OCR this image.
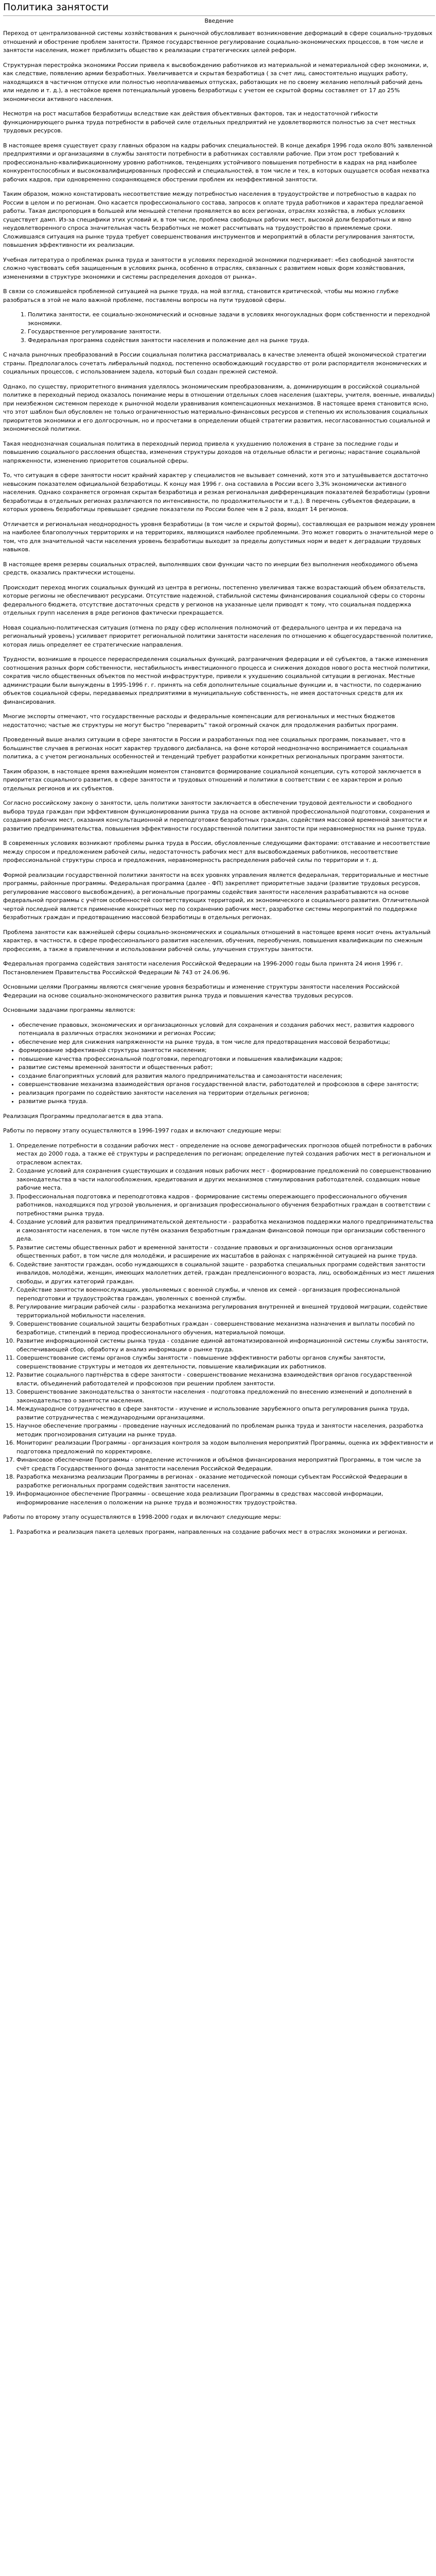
Политика занятости
Введение

Переход от централизованной системы хозяйствования к рыночной обусловливает возникновение деформаций в сфере социально-трудовых отношений и обострение проблем занятости. Прямое государственное регулирование социально-экономических процессов, в том числе и занятости населения, может приблизить общество к реализации стратегических целей реформ.

Структурная перестройка экономики России привела к высвобождению работников из материальной и нематериальной сфер экономики, и, как следствие, появлению армии безработных. Увеличивается и скрытая безработица ( за счет лиц, самостоятельно ищущих работу, находящихся в частичном отпуске или полностью неоплачиваемых отпусках, работающих не по своему желанию неполный рабочий день или неделю и т. д.), а нестойкое время потенциальный уровень безработицы с учетом ее скрытой формы составляет от 17 до 25% экономически активного населения.

Несмотря на рост масштабов безработицы вследствие как действия объективных факторов, так и недостаточной гибкости функционирующего рынка труда потребности в рабочей силе отдельных предприятий не удовлетворяются полностью за счет местных трудовых ресурсов.

В настоящее время существует сразу главных образом на кадры рабочих специальностей. В конце декабря 1996 года около 80% заявленной предприятиями и организациями в службы занятости потребности в работниках составляли рабочие. При этом рост требований к профессионально-квалификационному уровню работников, тенденциях устойчивого повышения потребности в кадрах на ряд наиболее конкурентоспособных и высококвалифицированных профессий и специальностей, в том числе и тех, в которых ощущается особая нехватка рабочих кадров, при одновременно сохраняющемся обострении проблем их неэффективной занятости.

Таким образом, можно констатировать несоответствие между потребностью населения в трудоустройстве и потребностью в кадрах по России в целом и по регионам. Оно касается профессионального состава, запросов к оплате труда работников и характера предлагаемой работы. Такая диспропорция в большей или меньшей степени проявляется во всех регионах, отраслях хозяйства, в любых условиях существует дамп. Из-за специфики этих условий и, в том числе, проблема свободных рабочих мест, высокой доли безработных и явно неудовлетворенного спроса значительная часть безработных не может рассчитывать на трудоустройство в приемлемые сроки. Сложившаяся ситуация на рынке труда требует совершенствования инструментов и мероприятий в области регулирования занятости, повышения эффективности их реализации.

Учебная литература о проблемах рынка труда и занятости в условиях переходной экономики подчеркивает: «без свободной занятости сложно чувствовать себя защищенным в условиях рынка, особенно в отраслях, связанных с развитием новых форм хозяйствования, изменениями в структуре экономики и системы распределения доходов от рынка».

В связи со сложившейся проблемной ситуацией на рынке труда, на мой взгляд, становится критической, чтобы мы можно глубже разобраться в этой не мало важной проблеме, поставлены вопросы на пути трудовой сферы.

1. Политика занятости, ее социально-экономический и основные задачи в условиях многоукладных форм собственности и переходной экономики.
2. Государственное регулирование занятости.
3. Федеральная программа содействия занятости населения и положение дел на рынке труда.

С начала рыночных преобразований в России социальная политика рассматривалась в качестве элемента общей экономической стратегии страны. Предполагалось сочетать либеральный подход, постепенно освобождающий государство от роли распорядителя экономических и социальных процессов, с использованием задела, который был создан прежней системой.

Однако, по существу, приоритетного внимания уделялось экономическим преобразованиям, а, доминирующим в российской социальной политике в переходный период оказалось понимание меры в отношении отдельных слоев населения (шахтеры, учителя, военные, инвалиды) при неизбежном системном переходе к рыночной модели уравнивания компенсационных механизмов. В настоящее время становится ясно, что этот шаблон был обусловлен не только ограниченностью материально-финансовых ресурсов и степенью их использования социальных приоритетов экономики и его долгосрочным, но и просчетами в определении общей стратегии развития, несогласованностью социальной и экономической политики.

Такая неоднозначная социальная политика в переходный период привела к ухудшению положения в стране за последние годы и повышению социального расслоения общества, изменения структуры доходов на отдельные области и регионы; нарастание социальной напряженности, изменению приоритетов социальной сферы.

То, что ситуация в сфере занятости носит крайний характер у специалистов не вызывает сомнений, хотя это и затушёвывается достаточно невысоким показателем официальной безработицы. К концу мая 1996 г. она составила в России всего 3,3% экономически активного населения. Однако сохраняется огромная скрытая безработица и резкая региональная дифференциация показателей безработицы (уровни безработицы в отдельных регионах различаются по интенсивности, по продолжительности и т.д.). В перечень субъектов федерации, в которых уровень безработицы превышает средние показатели по России более чем в 2 раза, входят 14 регионов.

Отличается и региональная неоднородность уровня безработицы (в том числе и скрытой формы), составляющая ее разрывом между уровнем на наиболее благополучных территориях и на территориях, являющихся наиболее проблемными. Это может говорить о значительной мере о том, что для значительной части населения уровень безработицы выходит за пределы допустимых норм и ведет к деградации трудовых навыков.

В настоящее время резервы социальных отраслей, выполнявших свои функции часто по инерции без выполнения необходимого объема средств, оказались практически истощены.

Происходит переход многих социальных функций из центра в регионы, постепенно увеличивая также возрастающий объем обязательств, которые регионы не обеспечивают ресурсами. Отсутствие надежной, стабильной системы финансирования социальной сферы со стороны федерального бюджета, отсутствие достаточных средств у регионов на указанные цели приводят к тому, что социальная поддержка отдельных групп населения в ряде регионов фактически прекращается.

Новая социально-политическая ситуация (отмена по ряду сфер исполнения полномочий от федерального центра и их передача на региональный уровень) усиливает приоритет региональной политики занятости населения по отношению к общегосударственной политике, которая лишь определяет ее стратегические направления.

Трудности, возникшие в процессе перераспределения социальных функций, разграничения федерации и её субъектов, а также изменения соотношения разных форм собственности, нестабильность инвестиционного процесса и снижения доходов нового роста местной политики, сократив число общественных объектов по местной инфраструктуре, привели к ухудшению социальной ситуации в регионах. Местные администрации были вынуждены в 1995-1996 г. г. принять на себя дополнительные социальные функции и, в частности, по содержанию объектов социальной сферы, передаваемых предприятиями в муниципальную собственность, не имея достаточных средств для их финансирования.

Многие экспорты отмечают, что государственные расходы и федеральные компенсации для региональных и местных бюджетов недостаточно; частые же структуры не могут быстро "переварить" такой огромный скачок для продолжения разбитых программ.

Проведенный выше анализ ситуации в сфере занятости в России и разработанных под нее социальных программ, показывает, что в большинстве случаев в регионах носит характер трудового дисбаланса, на фоне которой неоднозначно воспринимается социальная политика, а с учетом региональных особенностей и тенденций требует разработки конкретных региональных программ занятости.

Таким образом, в настоящее время важнейшим моментом становится формирование социальной концепции, суть которой заключается в приоритетах социального развития, в сфере занятости и трудовых отношений и политики в соответствии с ее характером и ролью отдельных регионов и их субъектов.

Согласно российскому закону о занятости, цель политики занятости заключается в обеспечении трудовой деятельности и свободного выбора труда граждан при эффективном функционировании рынка труда на основе активной профессиональной подготовки, сохранения и создания рабочих мест, оказания консультационной и переподготовке безработных граждан, содействия массовой временной занятости и развитию предпринимательства, повышения эффективности государственной политики занятости при неравномерностях на рынке труда.

В современных условиях возникают проблемы рынка труда в России, обусловленные следующими факторами: отставание и несоответствие между спросом и предложением рабочей силы, недостаточность рабочих мест для высвобождаемых работников, несоответствие профессиональной структуры спроса и предложения, неравномерность распределения рабочей силы по территории и т. д.

Формой реализации государственной политики занятости на всех уровнях управления является федеральная, территориальные и местные программы, районные программы. Федеральная программа (далее - ФП) закрепляет приоритетные задачи (развитие трудовых ресурсов, регулирование массового высвобождения), а региональные программы содействия занятости населения разрабатываются на основе федеральной программы с учётом особенностей соответствующих территорий, их экономического и социального развития. Отличительной чертой последней является применение конкретных мер по сохранению рабочих мест, разработке системы мероприятий по поддержке безработных граждан и предотвращению массовой безработицы в отдельных регионах.

Проблема занятости как важнейшей сферы социально-экономических и социальных отношений в настоящее время носит очень актуальный характер, в частности, в сфере профессионального развития населения, обучения, переобучения, повышения квалификации по смежным профессиям, а также в привлечении и использовании рабочей силы, улучшения структуры занятости.

Федеральная программа содействия занятости населения Российской Федерации на 1996-2000 годы была принята 24 июня 1996 г. Постановлением Правительства Российской Федерации № 743 от 24.06.96.

Основными целями Программы являются смягчение уровня безработицы и изменение структуры занятости населения Российской Федерации на основе социально-экономического развития рынка труда и повышения качества трудовых ресурсов.

Основными задачами программы являются:

• обеспечение правовых, экономических и организационных условий для сохранения и создания рабочих мест, развития кадрового потенциала в различных отраслях экономики и регионах России;
• обеспечение мер для снижения напряженности на рынке труда, в том числе для предотвращения массовой безработицы;
• формирование эффективной структуры занятости населения;
• повышение качества профессиональной подготовки, переподготовки и повышения квалификации кадров;
• развитие системы временной занятости и общественных работ;
• создание благоприятных условий для развития малого предпринимательства и самозанятости населения;
• совершенствование механизма взаимодействия органов государственной власти, работодателей и профсоюзов в сфере занятости;
• реализация программ по содействию занятости населения на территории отдельных регионов;
• развитие рынка труда.

Реализация Программы предполагается в два этапа.

Работы по первому этапу осуществляются в 1996-1997 годах и включают следующие меры:

1. Определение потребности в создании рабочих мест - определение на основе демографических прогнозов общей потребности в рабочих местах до 2000 года, а также её структуры и распределения по регионам; определение путей создания рабочих мест в региональном и отраслевом аспектах.
2. Создание условий для сохранения существующих и создания новых рабочих мест - формирование предложений по совершенствованию законодательства в части налогообложения, кредитования и других механизмов стимулирования работодателей, создающих новые рабочие места.
3. Профессиональная подготовка и переподготовка кадров - формирование системы опережающего профессионального обучения работников, находящихся под угрозой увольнения, и организация профессионального обучения безработных граждан в соответствии с потребностями рынка труда.
4. Создание условий для развития предпринимательской деятельности - разработка механизмов поддержки малого предпринимательства и самозанятости населения, в том числе путём оказания безработным гражданам финансовой помощи при организации собственного дела.
5. Развитие системы общественных работ и временной занятости - создание правовых и организационных основ организации общественных работ, в том числе для молодёжи, и расширение их масштабов в районах с напряжённой ситуацией на рынке труда.
6. Содействие занятости граждан, особо нуждающихся в социальной защите - разработка специальных программ содействия занятости инвалидов, молодёжи, женщин, имеющих малолетних детей, граждан предпенсионного возраста, лиц, освобождённых из мест лишения свободы, и других категорий граждан.
7. Содействие занятости военнослужащих, увольняемых с военной службы, и членов их семей - организация профессиональной переподготовки и трудоустройства граждан, уволенных с военной службы.
8. Регулирование миграции рабочей силы - разработка механизма регулирования внутренней и внешней трудовой миграции, содействие территориальной мобильности населения.
9. Совершенствование социальной защиты безработных граждан - совершенствование механизма назначения и выплаты пособий по безработице, стипендий в период профессионального обучения, материальной помощи.
10. Развитие информационной системы рынка труда - создание единой автоматизированной информационной системы службы занятости, обеспечивающей сбор, обработку и анализ информации о рынке труда.
11. Совершенствование системы органов службы занятости - повышение эффективности работы органов службы занятости, совершенствование структуры и методов их деятельности, повышение квалификации их работников.
12. Развитие социального партнёрства в сфере занятости - совершенствование механизма взаимодействия органов государственной власти, объединений работодателей и профсоюзов при решении проблем занятости.
13. Совершенствование законодательства о занятости населения - подготовка предложений по внесению изменений и дополнений в законодательство о занятости населения.
14. Международное сотрудничество в сфере занятости - изучение и использование зарубежного опыта регулирования рынка труда, развитие сотрудничества с международными организациями.
15. Научное обеспечение программы - проведение научных исследований по проблемам рынка труда и занятости населения, разработка методик прогнозирования ситуации на рынке труда.
16. Мониторинг реализации Программы - организация контроля за ходом выполнения мероприятий Программы, оценка их эффективности и подготовка предложений по корректировке.
17. Финансовое обеспечение Программы - определение источников и объёмов финансирования мероприятий Программы, в том числе за счёт средств Государственного фонда занятости населения Российской Федерации.
18. Разработка механизма реализации Программы в регионах - оказание методической помощи субъектам Российской Федерации в разработке региональных программ содействия занятости населения.
19. Информационное обеспечение Программы - освещение хода реализации Программы в средствах массовой информации, информирование населения о положении на рынке труда и возможностях трудоустройства.

Работы по второму этапу осуществляются в 1998-2000 годах и включают следующие меры:

1. Разработка и реализация пакета целевых программ, направленных на создание рабочих мест в отраслях экономики и регионах.
